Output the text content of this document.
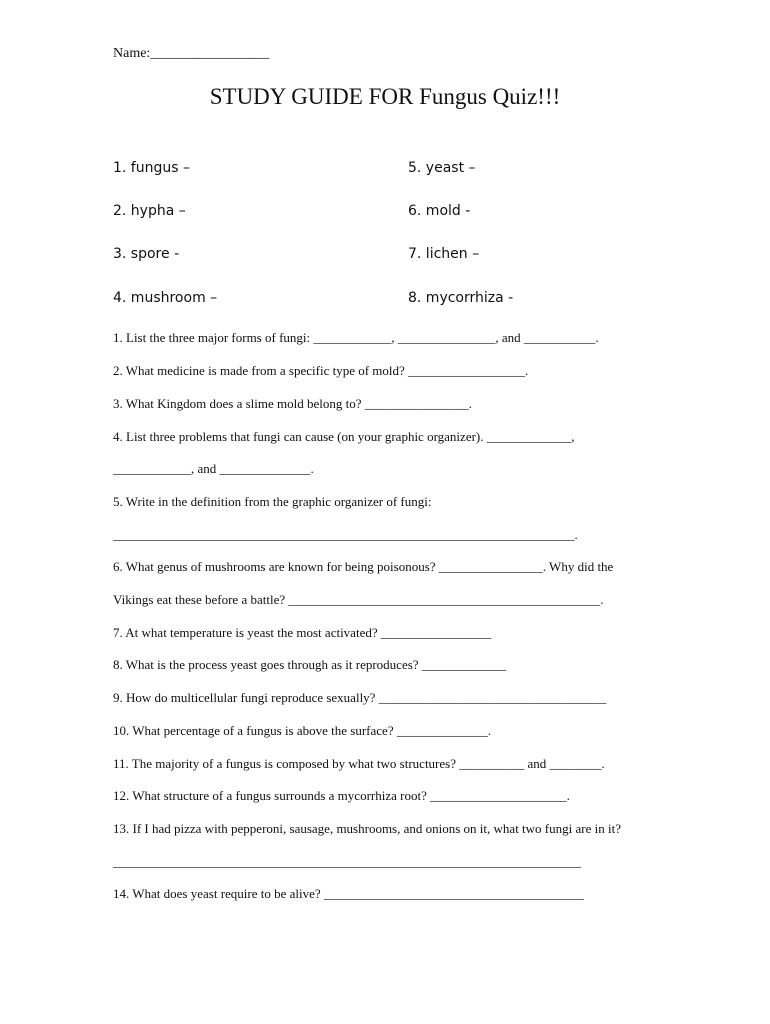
Name:_________________
STUDY GUIDE FOR Fungus Quiz!!!
1. fungus –
2. hypha –
3. spore -
4. mushroom –
5. yeast –
6. mold -
7. lichen –
8. mycorrhiza -
1. List the three major forms of fungi: ____________, _______________, and ___________.
2. What medicine is made from a specific type of mold? __________________.
3. What Kingdom does a slime mold belong to? ________________.
4. List three problems that fungi can cause (on your graphic organizer). _____________,
____________, and ______________.
5. Write in the definition from the graphic organizer of fungi:
_______________________________________________________________________.
6. What genus of mushrooms are known for being poisonous? ________________. Why did the
Vikings eat these before a battle? ________________________________________________.
7. At what temperature is yeast the most activated? _________________
8. What is the process yeast goes through as it reproduces? _____________
9. How do multicellular fungi reproduce sexually? ___________________________________
10. What percentage of a fungus is above the surface? ______________.
11. The majority of a fungus is composed by what two structures? __________ and ________.
12. What structure of a fungus surrounds a mycorrhiza root? _____________________.
13. If I had pizza with pepperoni, sausage, mushrooms, and onions on it, what two fungi are in it?
________________________________________________________________________
14. What does yeast require to be alive? ________________________________________
